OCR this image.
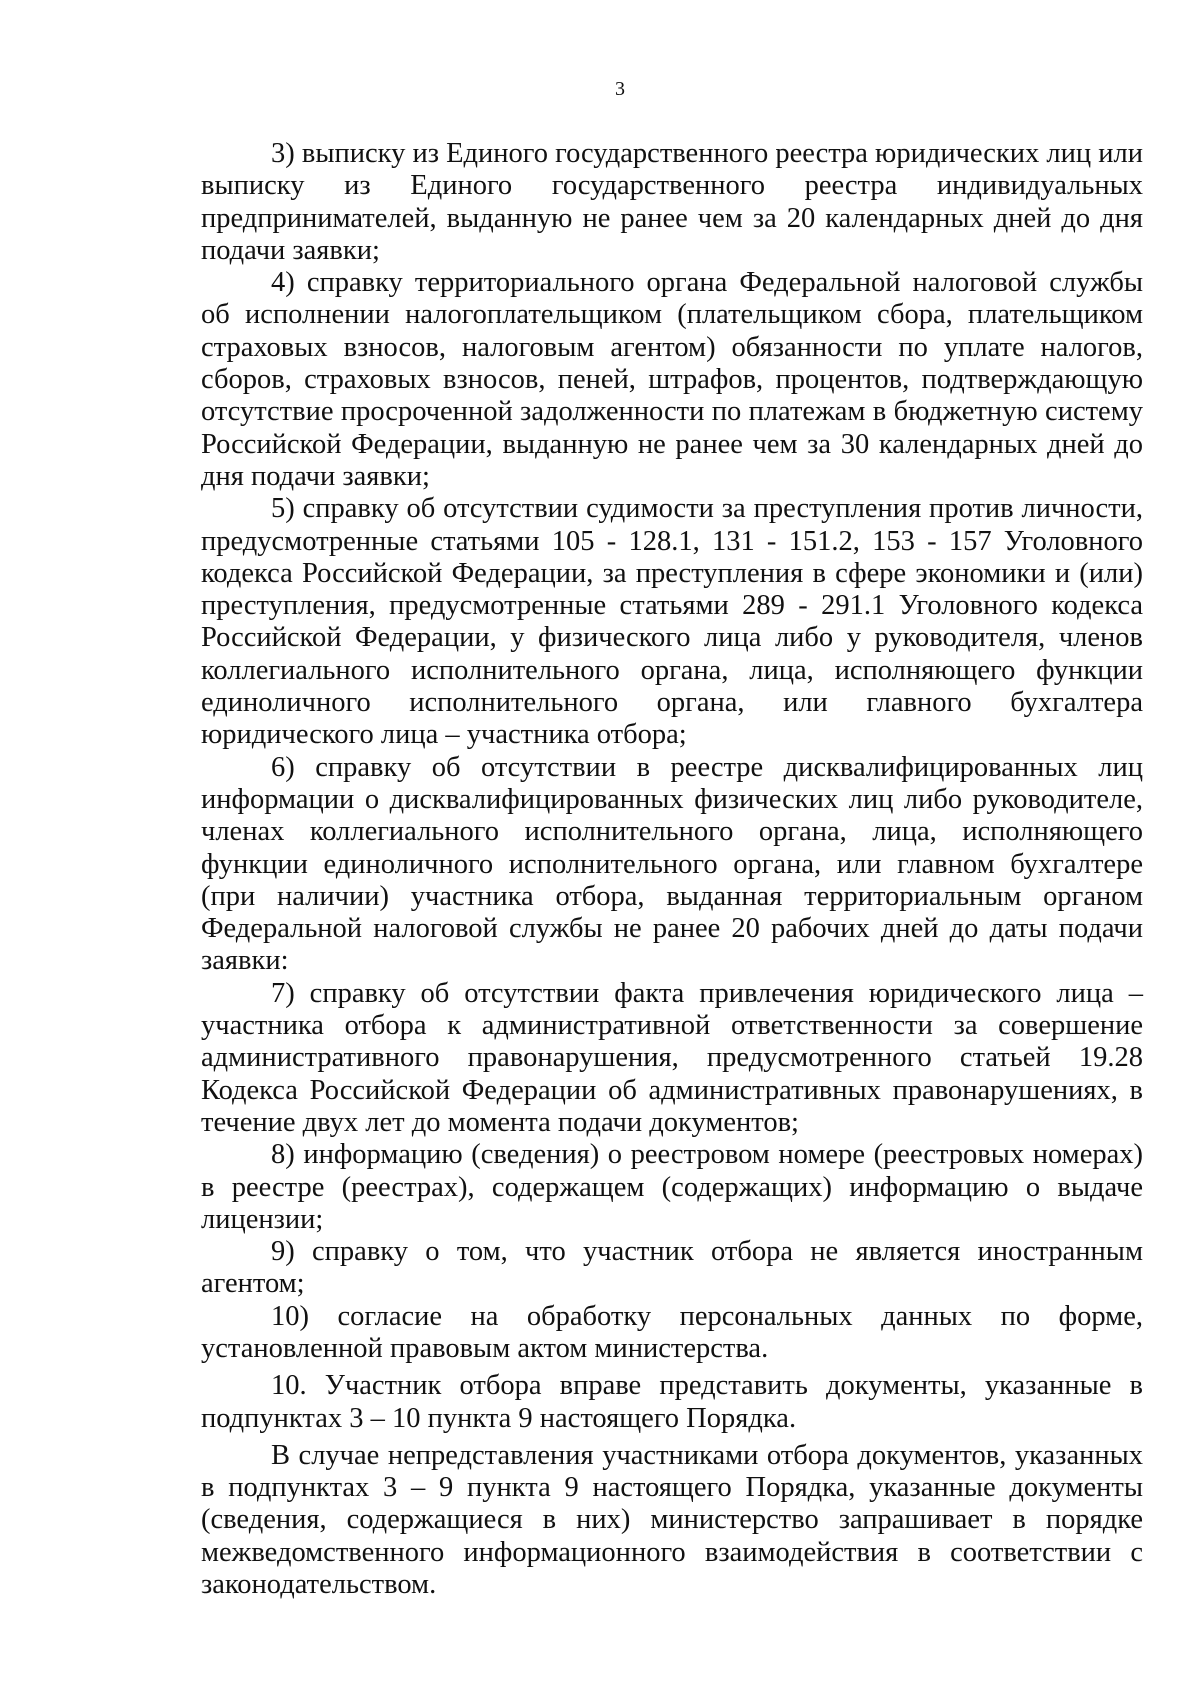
3

3) выписку из Единого государственного реестра юридических лиц или выписку из Единого государственного реестра индивидуальных предпринимателей, выданную не ранее чем за 20 календарных дней до дня подачи заявки;

4) справку территориального органа Федеральной налоговой службы об исполнении налогоплательщиком (плательщиком сбора, плательщиком страховых взносов, налоговым агентом) обязанности по уплате налогов, сборов, страховых взносов, пеней, штрафов, процентов, подтверждающую отсутствие просроченной задолженности по платежам в бюджетную систему Российской Федерации, выданную не ранее чем за 30 календарных дней до дня подачи заявки;

5) справку об отсутствии судимости за преступления против личности, предусмотренные статьями 105 - 128.1, 131 - 151.2, 153 - 157 Уголовного кодекса Российской Федерации, за преступления в сфере экономики и (или) преступления, предусмотренные статьями 289 - 291.1 Уголовного кодекса Российской Федерации, у физического лица либо у руководителя, членов коллегиального исполнительного органа, лица, исполняющего функции единоличного исполнительного органа, или главного бухгалтера юридического лица – участника отбора;

6) справку об отсутствии в реестре дисквалифицированных лиц информации о дисквалифицированных физических лиц либо руководителе, членах коллегиального исполнительного органа, лица, исполняющего функции единоличного исполнительного органа, или главном бухгалтере (при наличии) участника отбора, выданная территориальным органом Федеральной налоговой службы не ранее 20 рабочих дней до даты подачи заявки:

7) справку об отсутствии факта привлечения юридического лица – участника отбора к административной ответственности за совершение административного правонарушения, предусмотренного статьей 19.28 Кодекса Российской Федерации об административных правонарушениях, в течение двух лет до момента подачи документов;

8) информацию (сведения) о реестровом номере (реестровых номерах) в реестре (реестрах), содержащем (содержащих) информацию о выдаче лицензии;

9) справку о том, что участник отбора не является иностранным агентом;

10) согласие на обработку персональных данных по форме, установленной правовым актом министерства.

10. Участник отбора вправе представить документы, указанные в подпунктах 3 – 10 пункта 9 настоящего Порядка.

В случае непредставления участниками отбора документов, указанных в подпунктах 3 – 9 пункта 9 настоящего Порядка, указанные документы (сведения, содержащиеся в них) министерство запрашивает в порядке межведомственного информационного взаимодействия в соответствии с законодательством.
